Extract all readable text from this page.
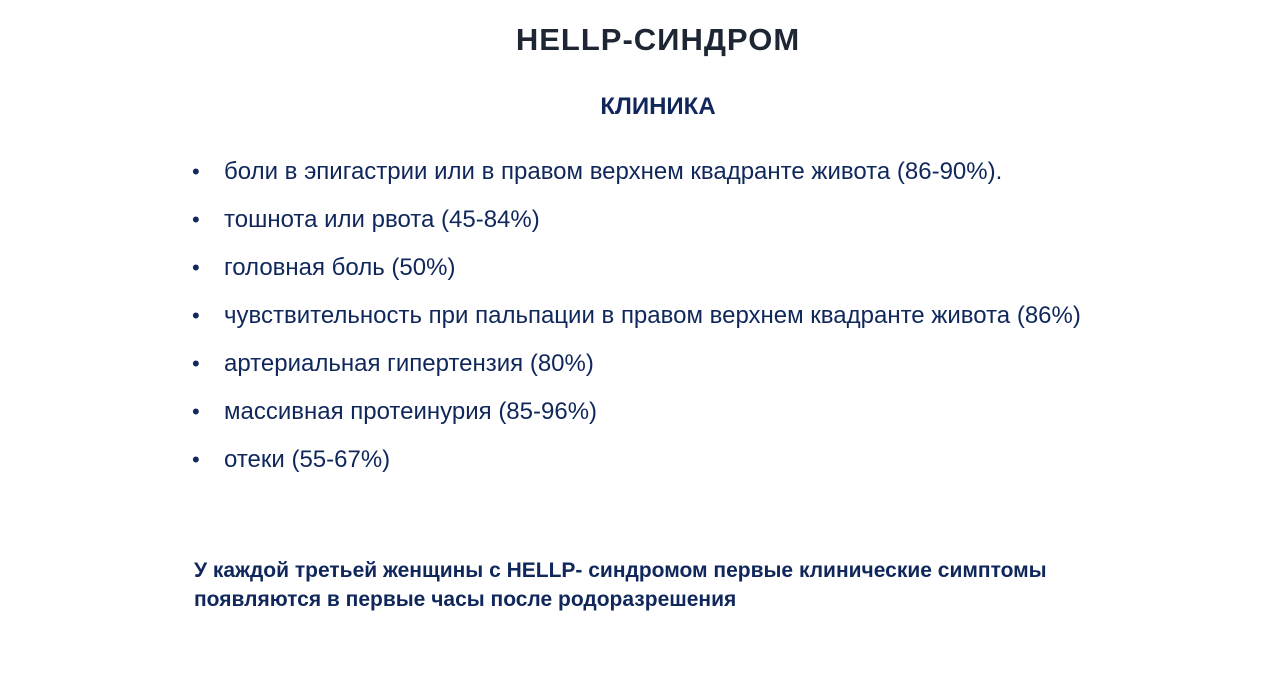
HELLP-СИНДРОМ
КЛИНИКА
• боли в эпигастрии или в правом верхнем квадранте живота (86-90%).
• тошнота или рвота (45-84%)
• головная боль (50%)
• чувствительность при пальпации в правом верхнем квадранте живота (86%)
• артериальная гипертензия (80%)
• массивная протеинурия (85-96%)
• отеки (55-67%)

У каждой третьей женщины с HELLP- синдромом первые клинические симптомы появляются в первые часы после родоразрешения
